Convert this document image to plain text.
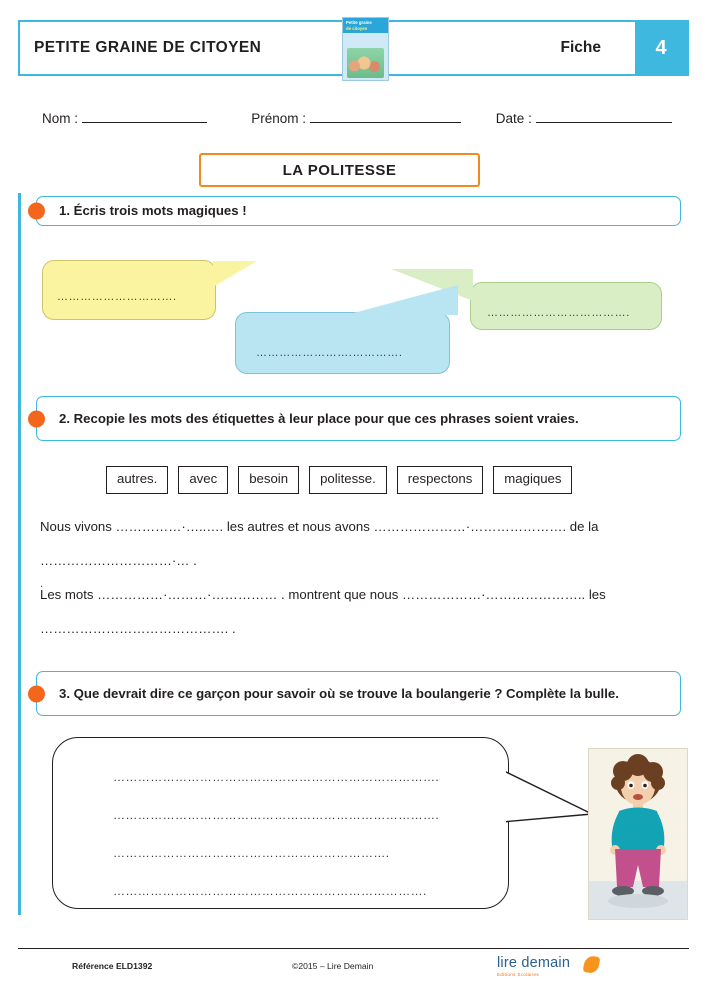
PETITE GRAINE DE CITOYEN
Petite graine
de citoyen
Fiche	4
Nom :	Prénom :	Date :
LA POLITESSE
1. Écris trois mots magiques !
………………………….
……………………………….
…………………….………….
2. Recopie les mots des étiquettes à leur place pour que ces phrases soient vraies.
autres.	avec	besoin	politesse.	respectons	magiques
Nous vivons ……………·…..…. les autres et nous avons …………………·…………………. de la
…………………………·… .
Les mots ……………·………·…………… . montrent que nous ………………·………………….. les
……………………………………. .
.
3. Que devrait dire ce garçon pour savoir où se trouve la boulangerie ? Complète la bulle.
…………………………………………………………………….
…………………………………………………………………….
………………………………………………………….
………………………………………………………………….
Référence ELD1392	©2015 – Lire Demain	lire demain
Editions Scolaires
